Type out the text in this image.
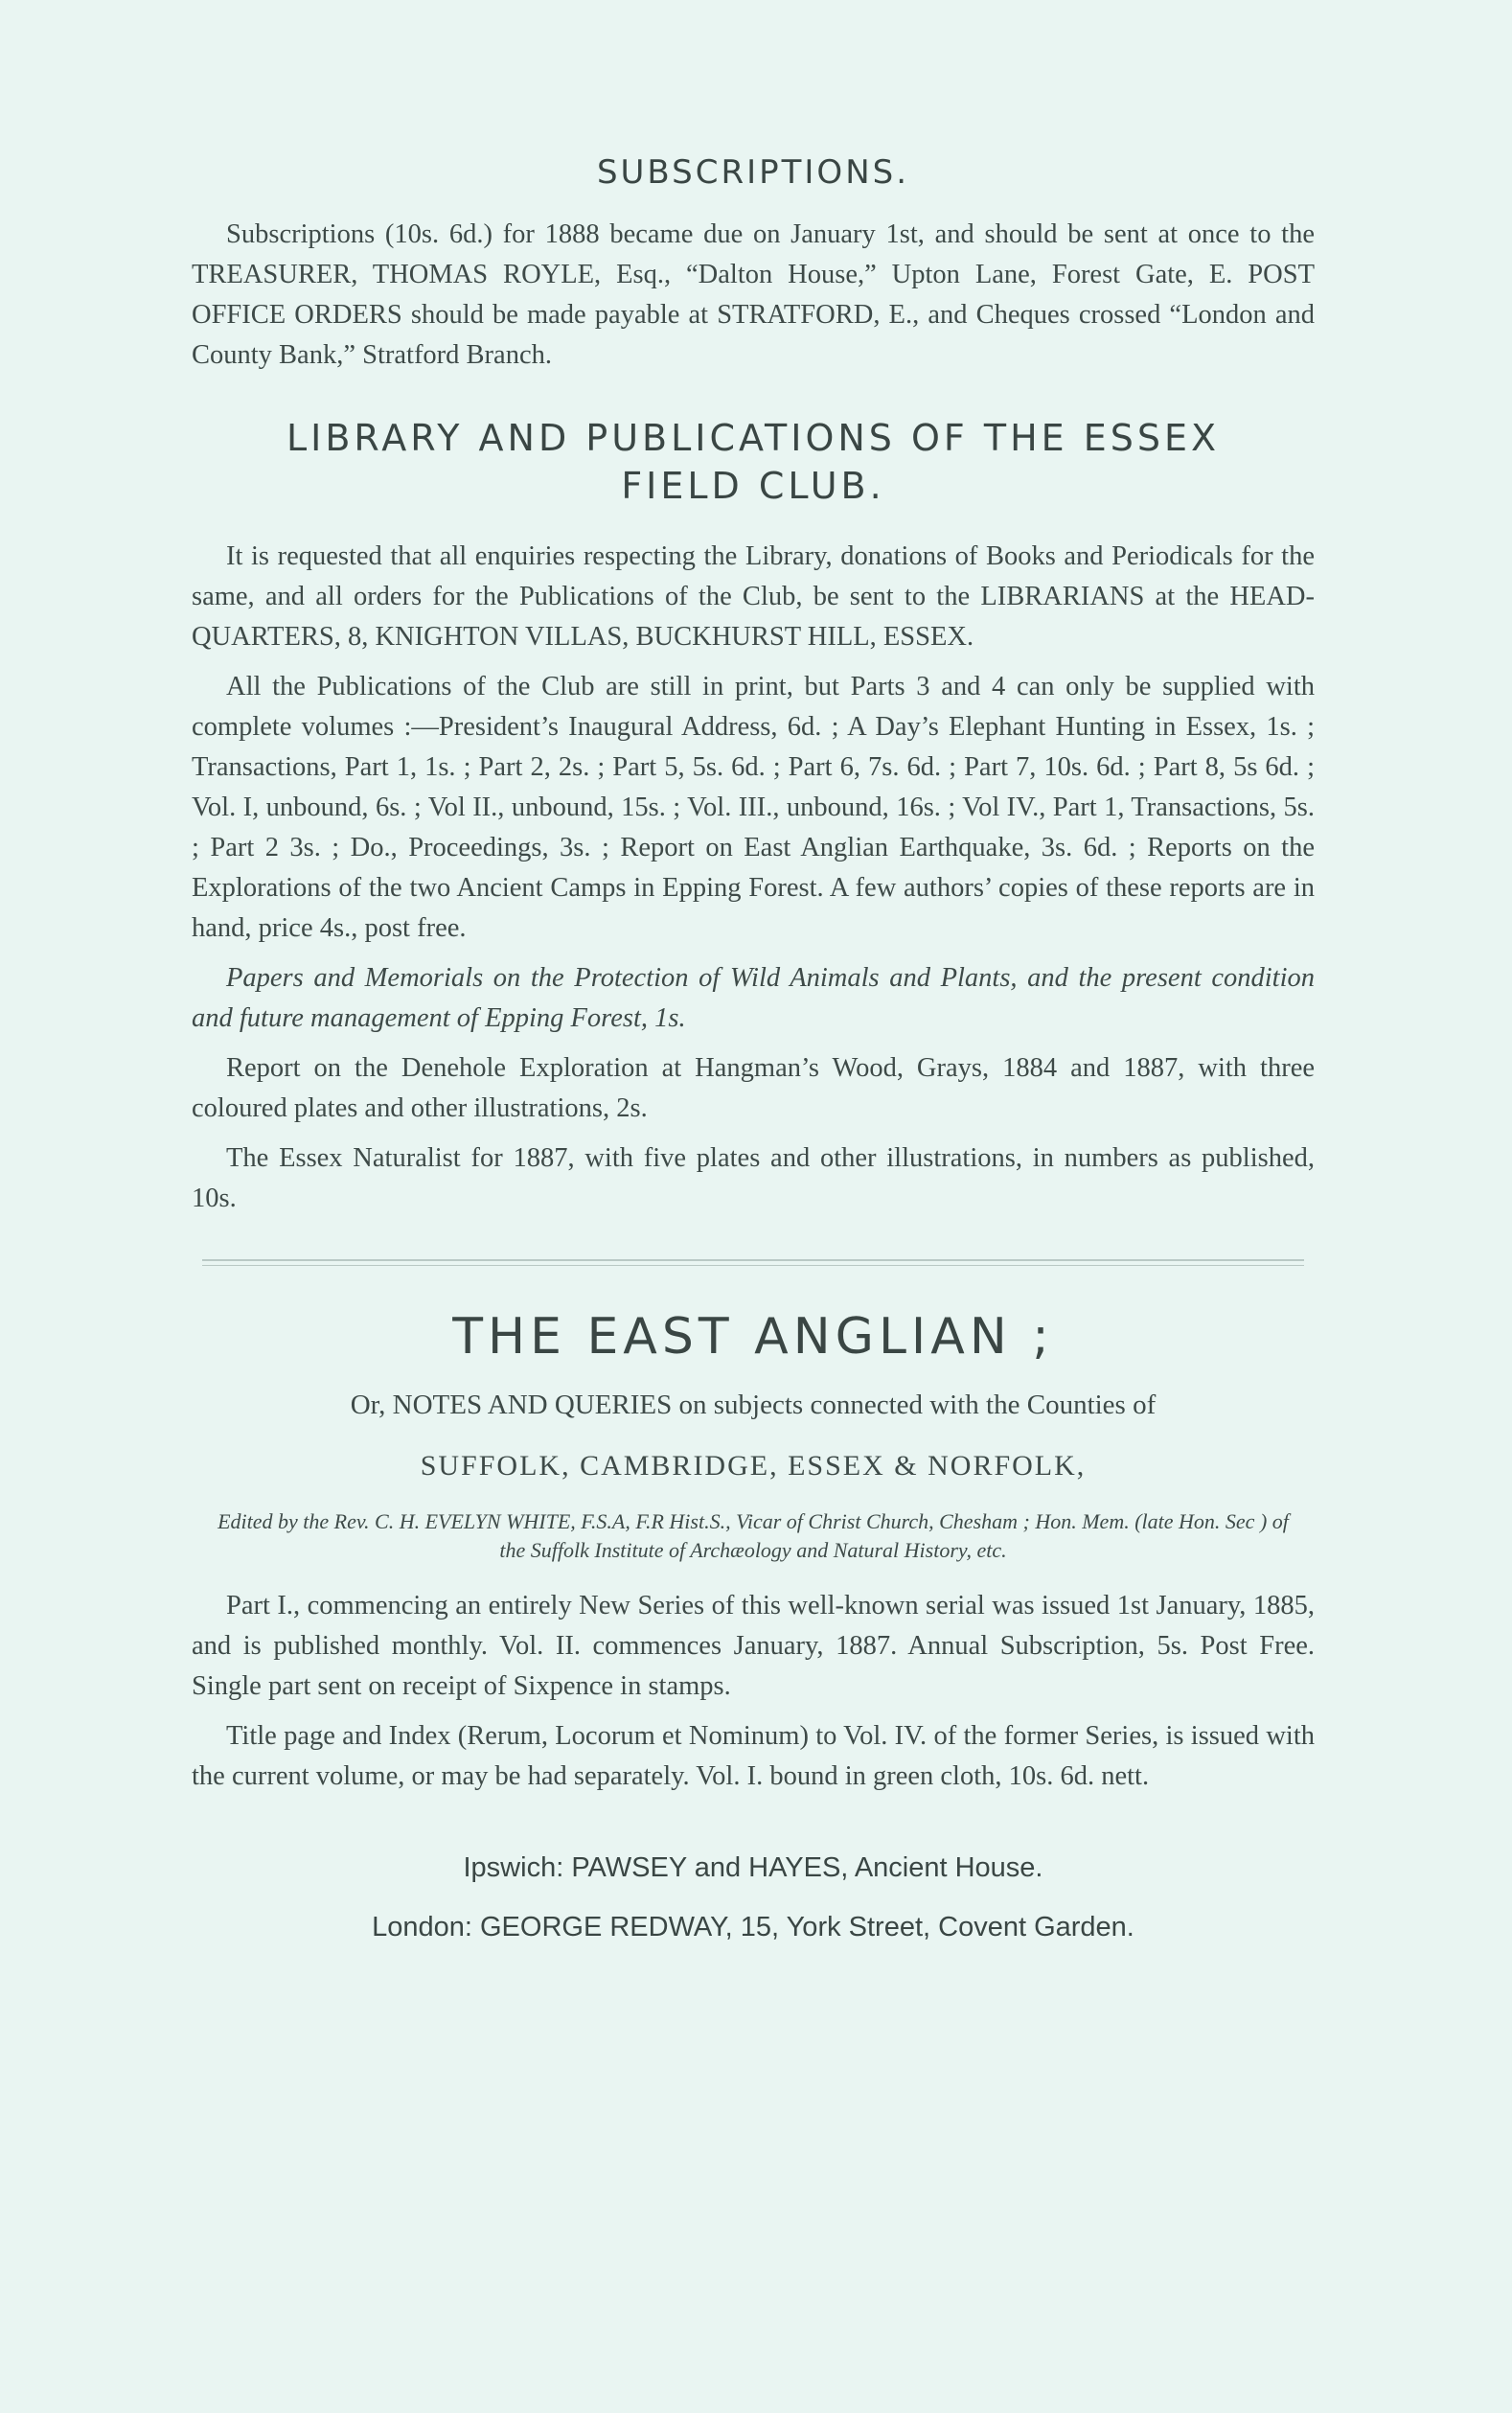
SUBSCRIPTIONS.

Subscriptions (10s. 6d.) for 1888 became due on January 1st, and should be sent at once to the TREASURER, THOMAS ROYLE, Esq., “Dalton House,” Upton Lane, Forest Gate, E. POST OFFICE ORDERS should be made payable at STRATFORD, E., and Cheques crossed “London and County Bank,” Stratford Branch.

LIBRARY AND PUBLICATIONS OF THE ESSEX
FIELD CLUB.

It is requested that all enquiries respecting the Library, donations of Books and Periodicals for the same, and all orders for the Publications of the Club, be sent to the LIBRARIANS at the HEAD-QUARTERS, 8, KNIGHTON VILLAS, BUCKHURST HILL, ESSEX.

All the Publications of the Club are still in print, but Parts 3 and 4 can only be supplied with complete volumes :—President’s Inaugural Address, 6d. ; A Day’s Elephant Hunting in Essex, 1s. ; Transactions, Part 1, 1s. ; Part 2, 2s. ; Part 5, 5s. 6d. ; Part 6, 7s. 6d. ; Part 7, 10s. 6d. ; Part 8, 5s 6d. ; Vol. I, unbound, 6s. ; Vol II., unbound, 15s. ; Vol. III., unbound, 16s. ; Vol IV., Part 1, Transactions, 5s. ; Part 2 3s. ; Do., Proceedings, 3s. ; Report on East Anglian Earthquake, 3s. 6d. ; Reports on the Explorations of the two Ancient Camps in Epping Forest. A few authors’ copies of these reports are in hand, price 4s., post free.

Papers and Memorials on the Protection of Wild Animals and Plants, and the present condition and future management of Epping Forest, 1s.

Report on the Denehole Exploration at Hangman’s Wood, Grays, 1884 and 1887, with three coloured plates and other illustrations, 2s.

The Essex Naturalist for 1887, with five plates and other illustrations, in numbers as published, 10s.

THE EAST ANGLIAN ;

Or, NOTES AND QUERIES on subjects connected with the Counties of

SUFFOLK, CAMBRIDGE, ESSEX & NORFOLK,

Edited by the Rev. C. H. EVELYN WHITE, F.S.A, F.R Hist.S., Vicar of Christ Church, Chesham ; Hon. Mem. (late Hon. Sec ) of the Suffolk Institute of Archæology and Natural History, etc.

Part I., commencing an entirely New Series of this well-known serial was issued 1st January, 1885, and is published monthly. Vol. II. commences January, 1887. Annual Subscription, 5s. Post Free. Single part sent on receipt of Sixpence in stamps.

Title page and Index (Rerum, Locorum et Nominum) to Vol. IV. of the former Series, is issued with the current volume, or may be had separately. Vol. I. bound in green cloth, 10s. 6d. nett.

Ipswich: PAWSEY and HAYES, Ancient House.

London: GEORGE REDWAY, 15, York Street, Covent Garden.
